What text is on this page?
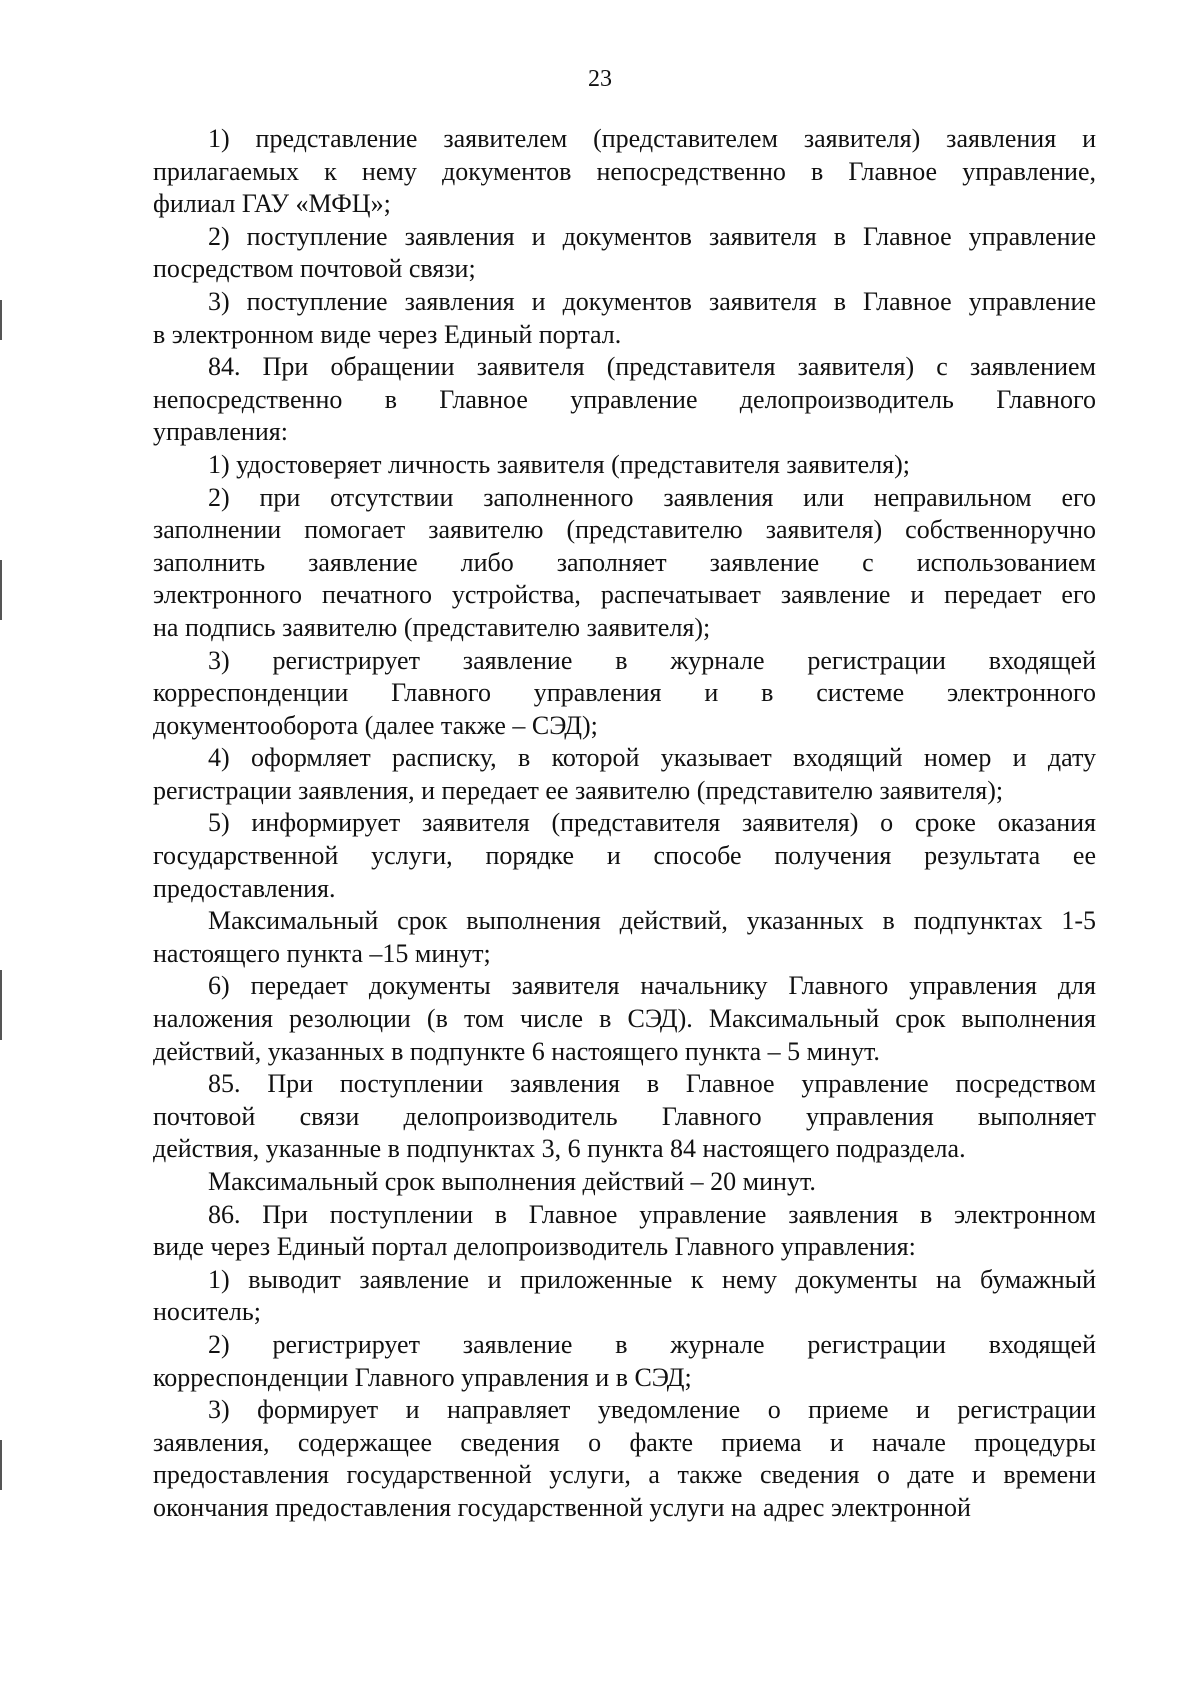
23
1) представление заявителем (представителем заявителя) заявления и
прилагаемых к нему документов непосредственно в Главное управление,
филиал ГАУ «МФЦ»;
2) поступление заявления и документов заявителя в Главное управление
посредством почтовой связи;
3) поступление заявления и документов заявителя в Главное управление
в электронном виде через Единый портал.
84. При обращении заявителя (представителя заявителя) с заявлением
непосредственно в Главное управление делопроизводитель Главного
управления:
1) удостоверяет личность заявителя (представителя заявителя);
2) при отсутствии заполненного заявления или неправильном его
заполнении помогает заявителю (представителю заявителя) собственноручно
заполнить заявление либо заполняет заявление с использованием
электронного печатного устройства, распечатывает заявление и передает его
на подпись заявителю (представителю заявителя);
3) регистрирует заявление в журнале регистрации входящей
корреспонденции Главного управления и в системе электронного
документооборота (далее также – СЭД);
4) оформляет расписку, в которой указывает входящий номер и дату
регистрации заявления, и передает ее заявителю (представителю заявителя);
5) информирует заявителя (представителя заявителя) о сроке оказания
государственной услуги, порядке и способе получения результата ее
предоставления.
Максимальный срок выполнения действий, указанных в подпунктах 1-5
настоящего пункта –15 минут;
6) передает документы заявителя начальнику Главного управления для
наложения резолюции (в том числе в СЭД). Максимальный срок выполнения
действий, указанных в подпункте 6 настоящего пункта – 5 минут.
85. При поступлении заявления в Главное управление посредством
почтовой связи делопроизводитель Главного управления выполняет
действия, указанные в подпунктах 3, 6 пункта 84 настоящего подраздела.
Максимальный срок выполнения действий – 20 минут.
86. При поступлении в Главное управление заявления в электронном
виде через Единый портал делопроизводитель Главного управления:
1) выводит заявление и приложенные к нему документы на бумажный
носитель;
2) регистрирует заявление в журнале регистрации входящей
корреспонденции Главного управления и в СЭД;
3) формирует и направляет уведомление о приеме и регистрации
заявления, содержащее сведения о факте приема и начале процедуры
предоставления государственной услуги, а также сведения о дате и времени
окончания предоставления государственной услуги на адрес электронной
